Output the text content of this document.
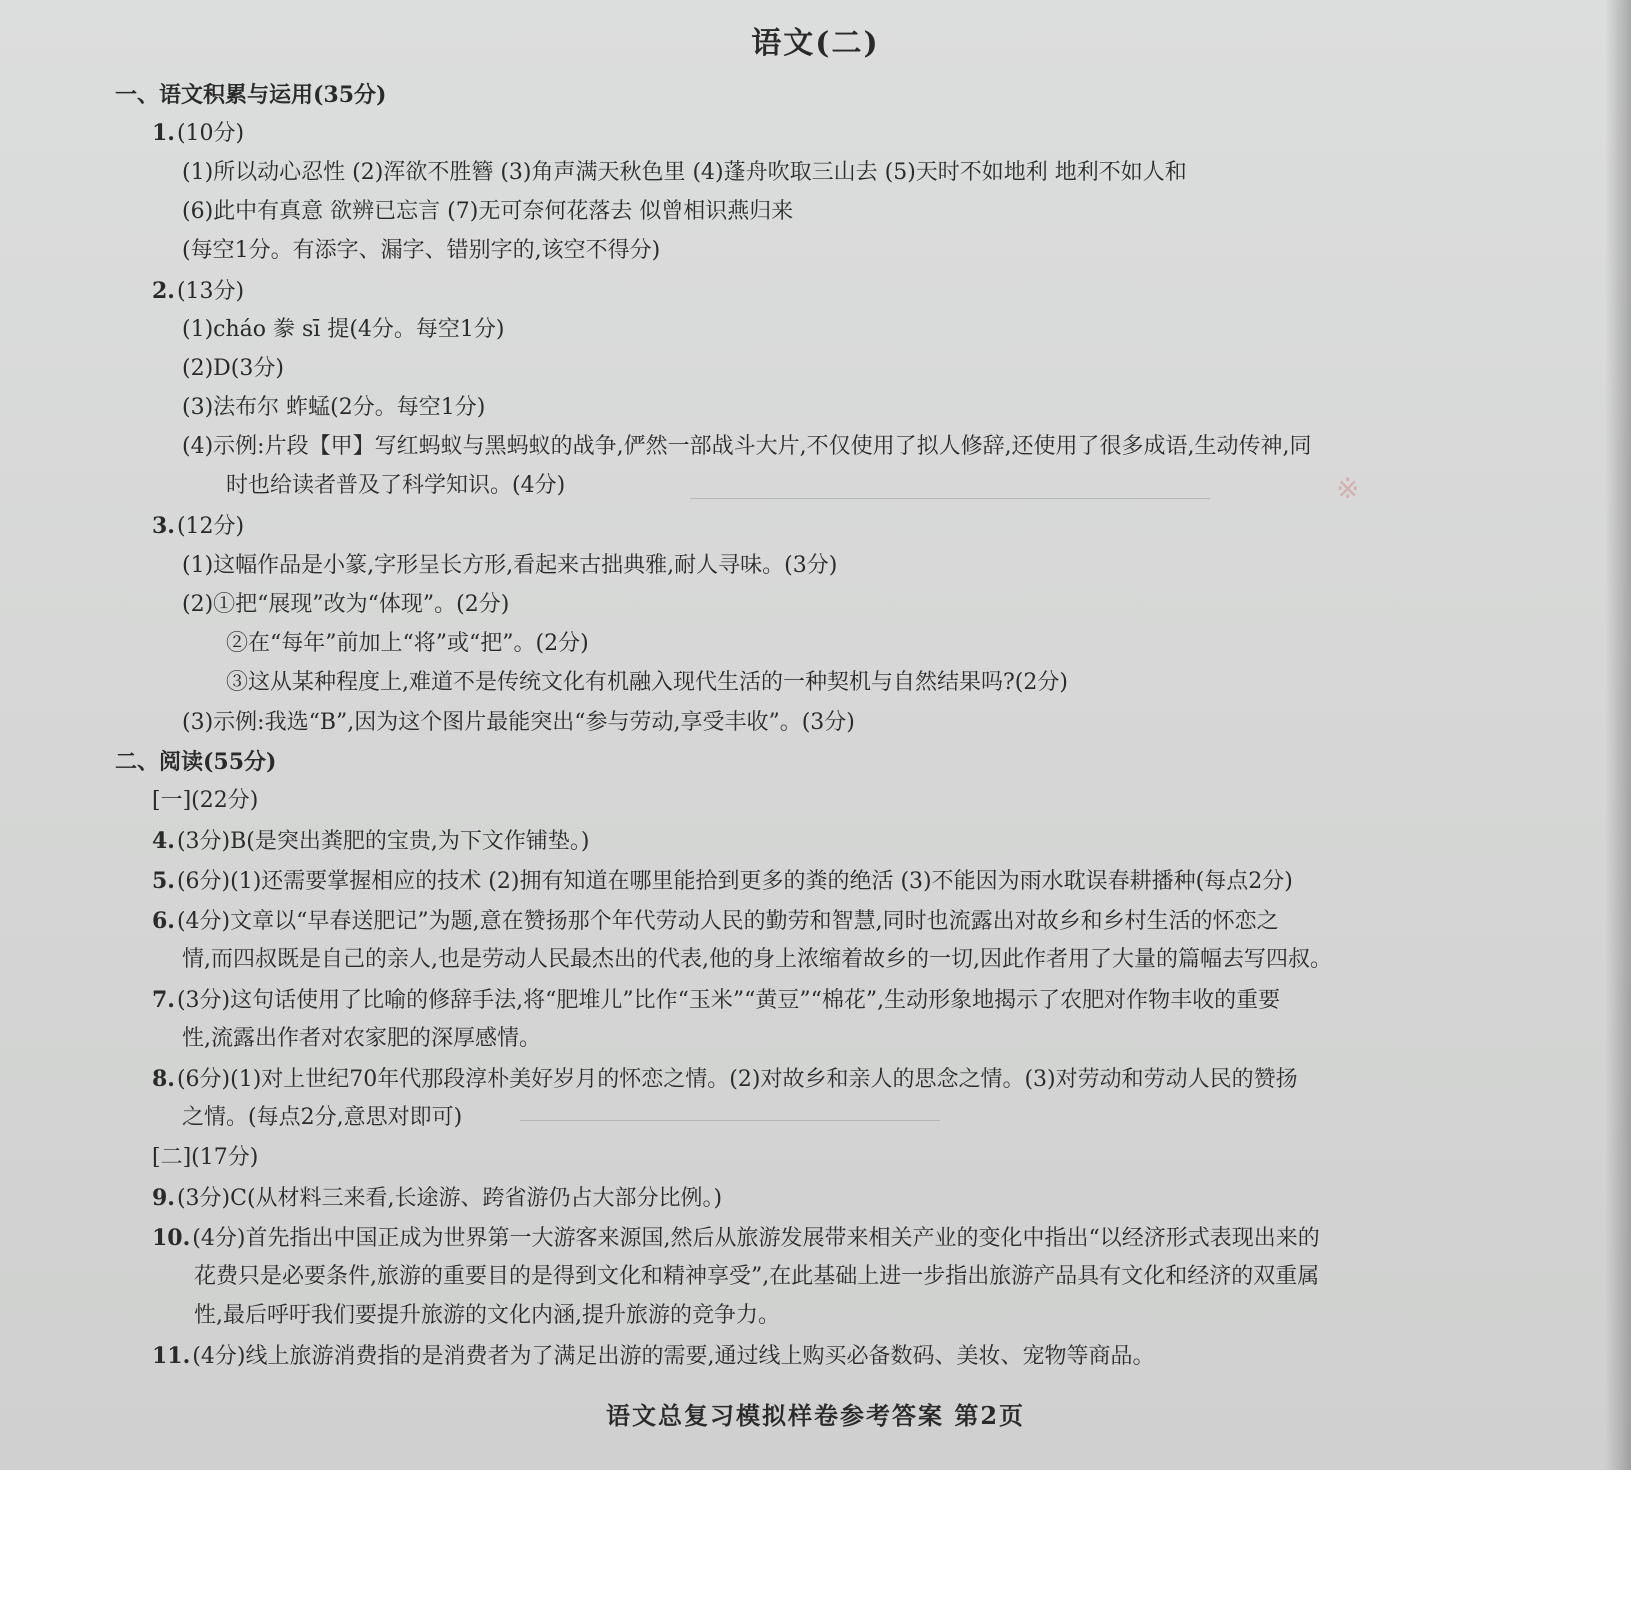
※
语文(二)
一、语文积累与运用(35分)
1.(10分)
(1)所以动心忍性 (2)浑欲不胜簪 (3)角声满天秋色里 (4)蓬舟吹取三山去 (5)天时不如地利 地利不如人和
(6)此中有真意 欲辨已忘言 (7)无可奈何花落去 似曾相识燕归来
(每空1分。有添字、漏字、错别字的,该空不得分)
2.(13分)
(1)cháo 豢 sī 提(4分。每空1分)
(2)D(3分)
(3)法布尔 蚱蜢(2分。每空1分)
(4)示例:片段【甲】写红蚂蚁与黑蚂蚁的战争,俨然一部战斗大片,不仅使用了拟人修辞,还使用了很多成语,生动传神,同
时也给读者普及了科学知识。(4分)
3.(12分)
(1)这幅作品是小篆,字形呈长方形,看起来古拙典雅,耐人寻味。(3分)
(2)①把“展现”改为“体现”。(2分)
②在“每年”前加上“将”或“把”。(2分)
③这从某种程度上,难道不是传统文化有机融入现代生活的一种契机与自然结果吗?(2分)
(3)示例:我选“B”,因为这个图片最能突出“参与劳动,享受丰收”。(3分)
二、阅读(55分)
[一](22分)
4.(3分)B(是突出粪肥的宝贵,为下文作铺垫。)
5.(6分)(1)还需要掌握相应的技术 (2)拥有知道在哪里能拾到更多的粪的绝活 (3)不能因为雨水耽误春耕播种(每点2分)
6.(4分)文章以“早春送肥记”为题,意在赞扬那个年代劳动人民的勤劳和智慧,同时也流露出对故乡和乡村生活的怀恋之
情,而四叔既是自己的亲人,也是劳动人民最杰出的代表,他的身上浓缩着故乡的一切,因此作者用了大量的篇幅去写四叔。
7.(3分)这句话使用了比喻的修辞手法,将“肥堆儿”比作“玉米”“黄豆”“棉花”,生动形象地揭示了农肥对作物丰收的重要
性,流露出作者对农家肥的深厚感情。
8.(6分)(1)对上世纪70年代那段淳朴美好岁月的怀恋之情。(2)对故乡和亲人的思念之情。(3)对劳动和劳动人民的赞扬
之情。(每点2分,意思对即可)
[二](17分)
9.(3分)C(从材料三来看,长途游、跨省游仍占大部分比例。)
10.(4分)首先指出中国正成为世界第一大游客来源国,然后从旅游发展带来相关产业的变化中指出“以经济形式表现出来的
花费只是必要条件,旅游的重要目的是得到文化和精神享受”,在此基础上进一步指出旅游产品具有文化和经济的双重属
性,最后呼吁我们要提升旅游的文化内涵,提升旅游的竞争力。
11.(4分)线上旅游消费指的是消费者为了满足出游的需要,通过线上购买必备数码、美妆、宠物等商品。
语文总复习模拟样卷参考答案 第2页
